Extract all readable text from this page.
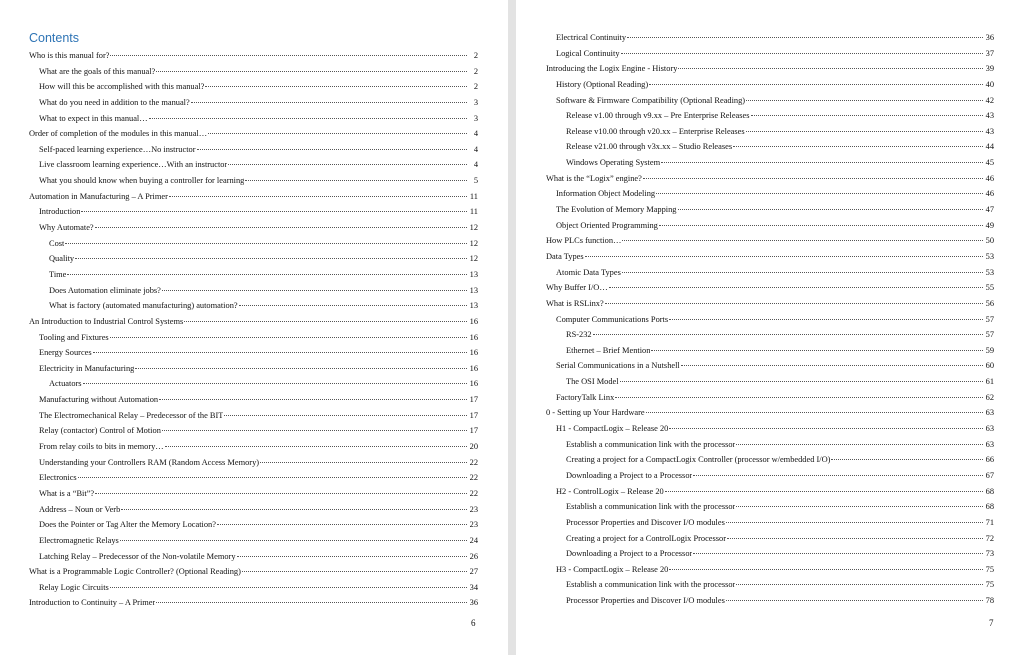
Contents
Who is this manual for?	2
What are the goals of this manual?	2
How will this be accomplished with this manual?	2
What do you need in addition to the manual?	3
What to expect in this manual…	3
Order of completion of the modules in this manual…	4
Self-paced learning experience…No instructor	4
Live classroom learning experience…With an instructor	4
What you should know when buying a controller for learning	5
Automation in Manufacturing – A Primer	11
Introduction	11
Why Automate?	12
Cost	12
Quality	12
Time	13
Does Automation eliminate jobs?	13
What is factory (automated manufacturing) automation?	13
An Introduction to Industrial Control Systems	16
Tooling and Fixtures	16
Energy Sources	16
Electricity in Manufacturing	16
Actuators	16
Manufacturing without Automation	17
The Electromechanical Relay – Predecessor of the BIT	17
Relay (contactor) Control of Motion	17
From relay coils to bits in memory…	20
Understanding your Controllers RAM (Random Access Memory)	22
Electronics	22
What is a “Bit”?	22
Address – Noun or Verb	23
Does the Pointer or Tag Alter the Memory Location?	23
Electromagnetic Relays	24
Latching Relay – Predecessor of the Non-volatile Memory	26
What is a Programmable Logic Controller? (Optional Reading)	27
Relay Logic Circuits	34
Introduction to Continuity – A Primer	36
6
Electrical Continuity	36
Logical Continuity	37
Introducing the Logix Engine - History	39
History (Optional Reading)	40
Software & Firmware Compatibility (Optional Reading)	42
Release v1.00 through v9.xx – Pre Enterprise Releases	43
Release v10.00 through v20.xx – Enterprise Releases	43
Release v21.00 through v3x.xx – Studio Releases	44
Windows Operating System	45
What is the “Logix” engine?	46
Information Object Modeling	46
The Evolution of Memory Mapping	47
Object Oriented Programming	49
How PLCs function…	50
Data Types	53
Atomic Data Types	53
Why Buffer I/O…	55
What is RSLinx?	56
Computer Communications Ports	57
RS-232	57
Ethernet – Brief Mention	59
Serial Communications in a Nutshell	60
The OSI Model	61
FactoryTalk Linx	62
0 - Setting up Your Hardware	63
H1 - CompactLogix – Release 20	63
Establish a communication link with the processor	63
Creating a project for a CompactLogix Controller (processor w/embedded I/O)	66
Downloading a Project to a Processor	67
H2 - ControlLogix – Release 20	68
Establish a communication link with the processor	68
Processor Properties and Discover I/O modules	71
Creating a project for a ControlLogix Processor	72
Downloading a Project to a Processor	73
H3 - CompactLogix – Release 20	75
Establish a communication link with the processor	75
Processor Properties and Discover I/O modules	78
7
